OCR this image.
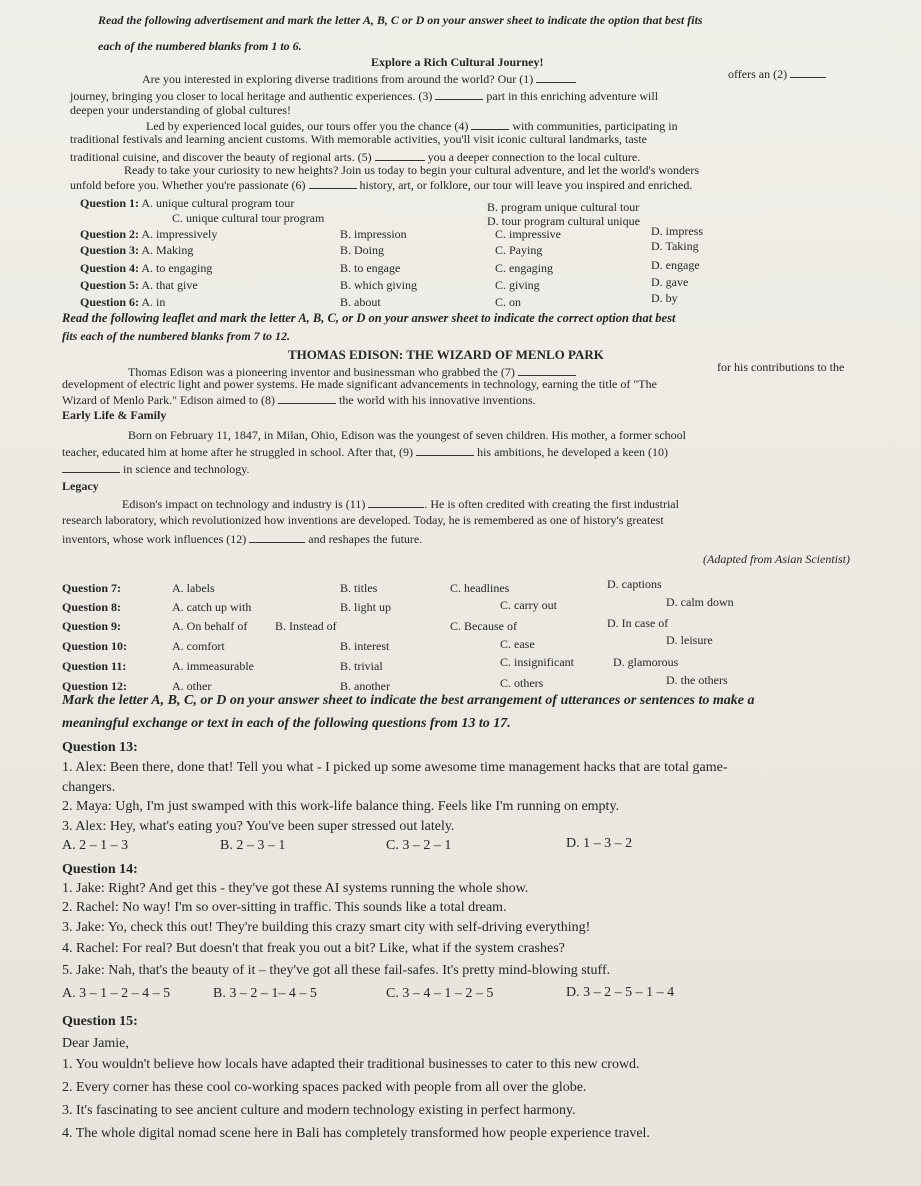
Read the following advertisement and mark the letter A, B, C or D on your answer sheet to indicate the option that best fits
each of the numbered blanks from 1 to 6.
Explore a Rich Cultural Journey!
Are you interested in exploring diverse traditions from around the world? Our (1)	offers an (2)
journey, bringing you closer to local heritage and authentic experiences. (3)	part in this enriching adventure will
deepen your understanding of global cultures!
Led by experienced local guides, our tours offer you the chance (4)	with communities, participating in
traditional festivals and learning ancient customs. With memorable activities, you'll visit iconic cultural landmarks, taste
traditional cuisine, and discover the beauty of regional arts. (5)	you a deeper connection to the local culture.
Ready to take your curiosity to new heights? Join us today to begin your cultural adventure, and let the world's wonders
unfold before you. Whether you're passionate (6)	history, art, or folklore, our tour will leave you inspired and enriched.
Question 1: A. unique cultural program tour	B. program unique cultural tour
C. unique cultural tour program	D. tour program cultural unique
Question 2: A. impressively	B. impression	C. impressive	D. impress
Question 3: A. Making	B. Doing	C. Paying	D. Taking
Question 4: A. to engaging	B. to engage	C. engaging	D. engage
Question 5: A. that give	B. which giving	C. giving	D. gave
Question 6: A. in	B. about	C. on	D. by
Read the following leaflet and mark the letter A, B, C, or D on your answer sheet to indicate the correct option that best
fits each of the numbered blanks from 7 to 12.
THOMAS EDISON: THE WIZARD OF MENLO PARK
Thomas Edison was a pioneering inventor and businessman who grabbed the (7)	for his contributions to the
development of electric light and power systems. He made significant advancements in technology, earning the title of "The
Wizard of Menlo Park." Edison aimed to (8)	the world with his innovative inventions.
Early Life & Family
Born on February 11, 1847, in Milan, Ohio, Edison was the youngest of seven children. His mother, a former school
teacher, educated him at home after he struggled in school. After that, (9)	his ambitions, he developed a keen (10)
in science and technology.
Legacy
Edison's impact on technology and industry is (11)	. He is often credited with creating the first industrial
research laboratory, which revolutionized how inventions are developed. Today, he is remembered as one of history's greatest
inventors, whose work influences (12)	and reshapes the future.
(Adapted from Asian Scientist)
Question 7:	A. labels	B. titles	C. headlines	D. captions
Question 8:	A. catch up with	B. light up	C. carry out	D. calm down
Question 9:	A. On behalf of B. Instead of	C. Because of	D. In case of
Question 10:	A. comfort	B. interest	C. ease	D. leisure
Question 11:	A. immeasurable	B. trivial	C. insignificant	D. glamorous
Question 12:	A. other	B. another	C. others	D. the others
Mark the letter A, B, C, or D on your answer sheet to indicate the best arrangement of utterances or sentences to make a
meaningful exchange or text in each of the following questions from 13 to 17.
Question 13:
1. Alex: Been there, done that! Tell you what - I picked up some awesome time management hacks that are total game-
changers.
2. Maya: Ugh, I'm just swamped with this work-life balance thing. Feels like I'm running on empty.
3. Alex: Hey, what's eating you? You've been super stressed out lately.
A. 2 – 1 – 3	B. 2 – 3 – 1	C. 3 – 2 – 1	D. 1 – 3 – 2
Question 14:
1. Jake: Right? And get this - they've got these AI systems running the whole show.
2. Rachel: No way! I'm so over-sitting in traffic. This sounds like a total dream.
3. Jake: Yo, check this out! They're building this crazy smart city with self-driving everything!
4. Rachel: For real? But doesn't that freak you out a bit? Like, what if the system crashes?
5. Jake: Nah, that's the beauty of it – they've got all these fail-safes. It's pretty mind-blowing stuff.
A. 3 – 1 – 2 – 4 – 5	B. 3 – 2 – 1– 4 – 5	C. 3 – 4 – 1 – 2 – 5	D. 3 – 2 – 5 – 1 – 4
Question 15:
Dear Jamie,
1. You wouldn't believe how locals have adapted their traditional businesses to cater to this new crowd.
2. Every corner has these cool co-working spaces packed with people from all over the globe.
3. It's fascinating to see ancient culture and modern technology existing in perfect harmony.
4. The whole digital nomad scene here in Bali has completely transformed how people experience travel.
